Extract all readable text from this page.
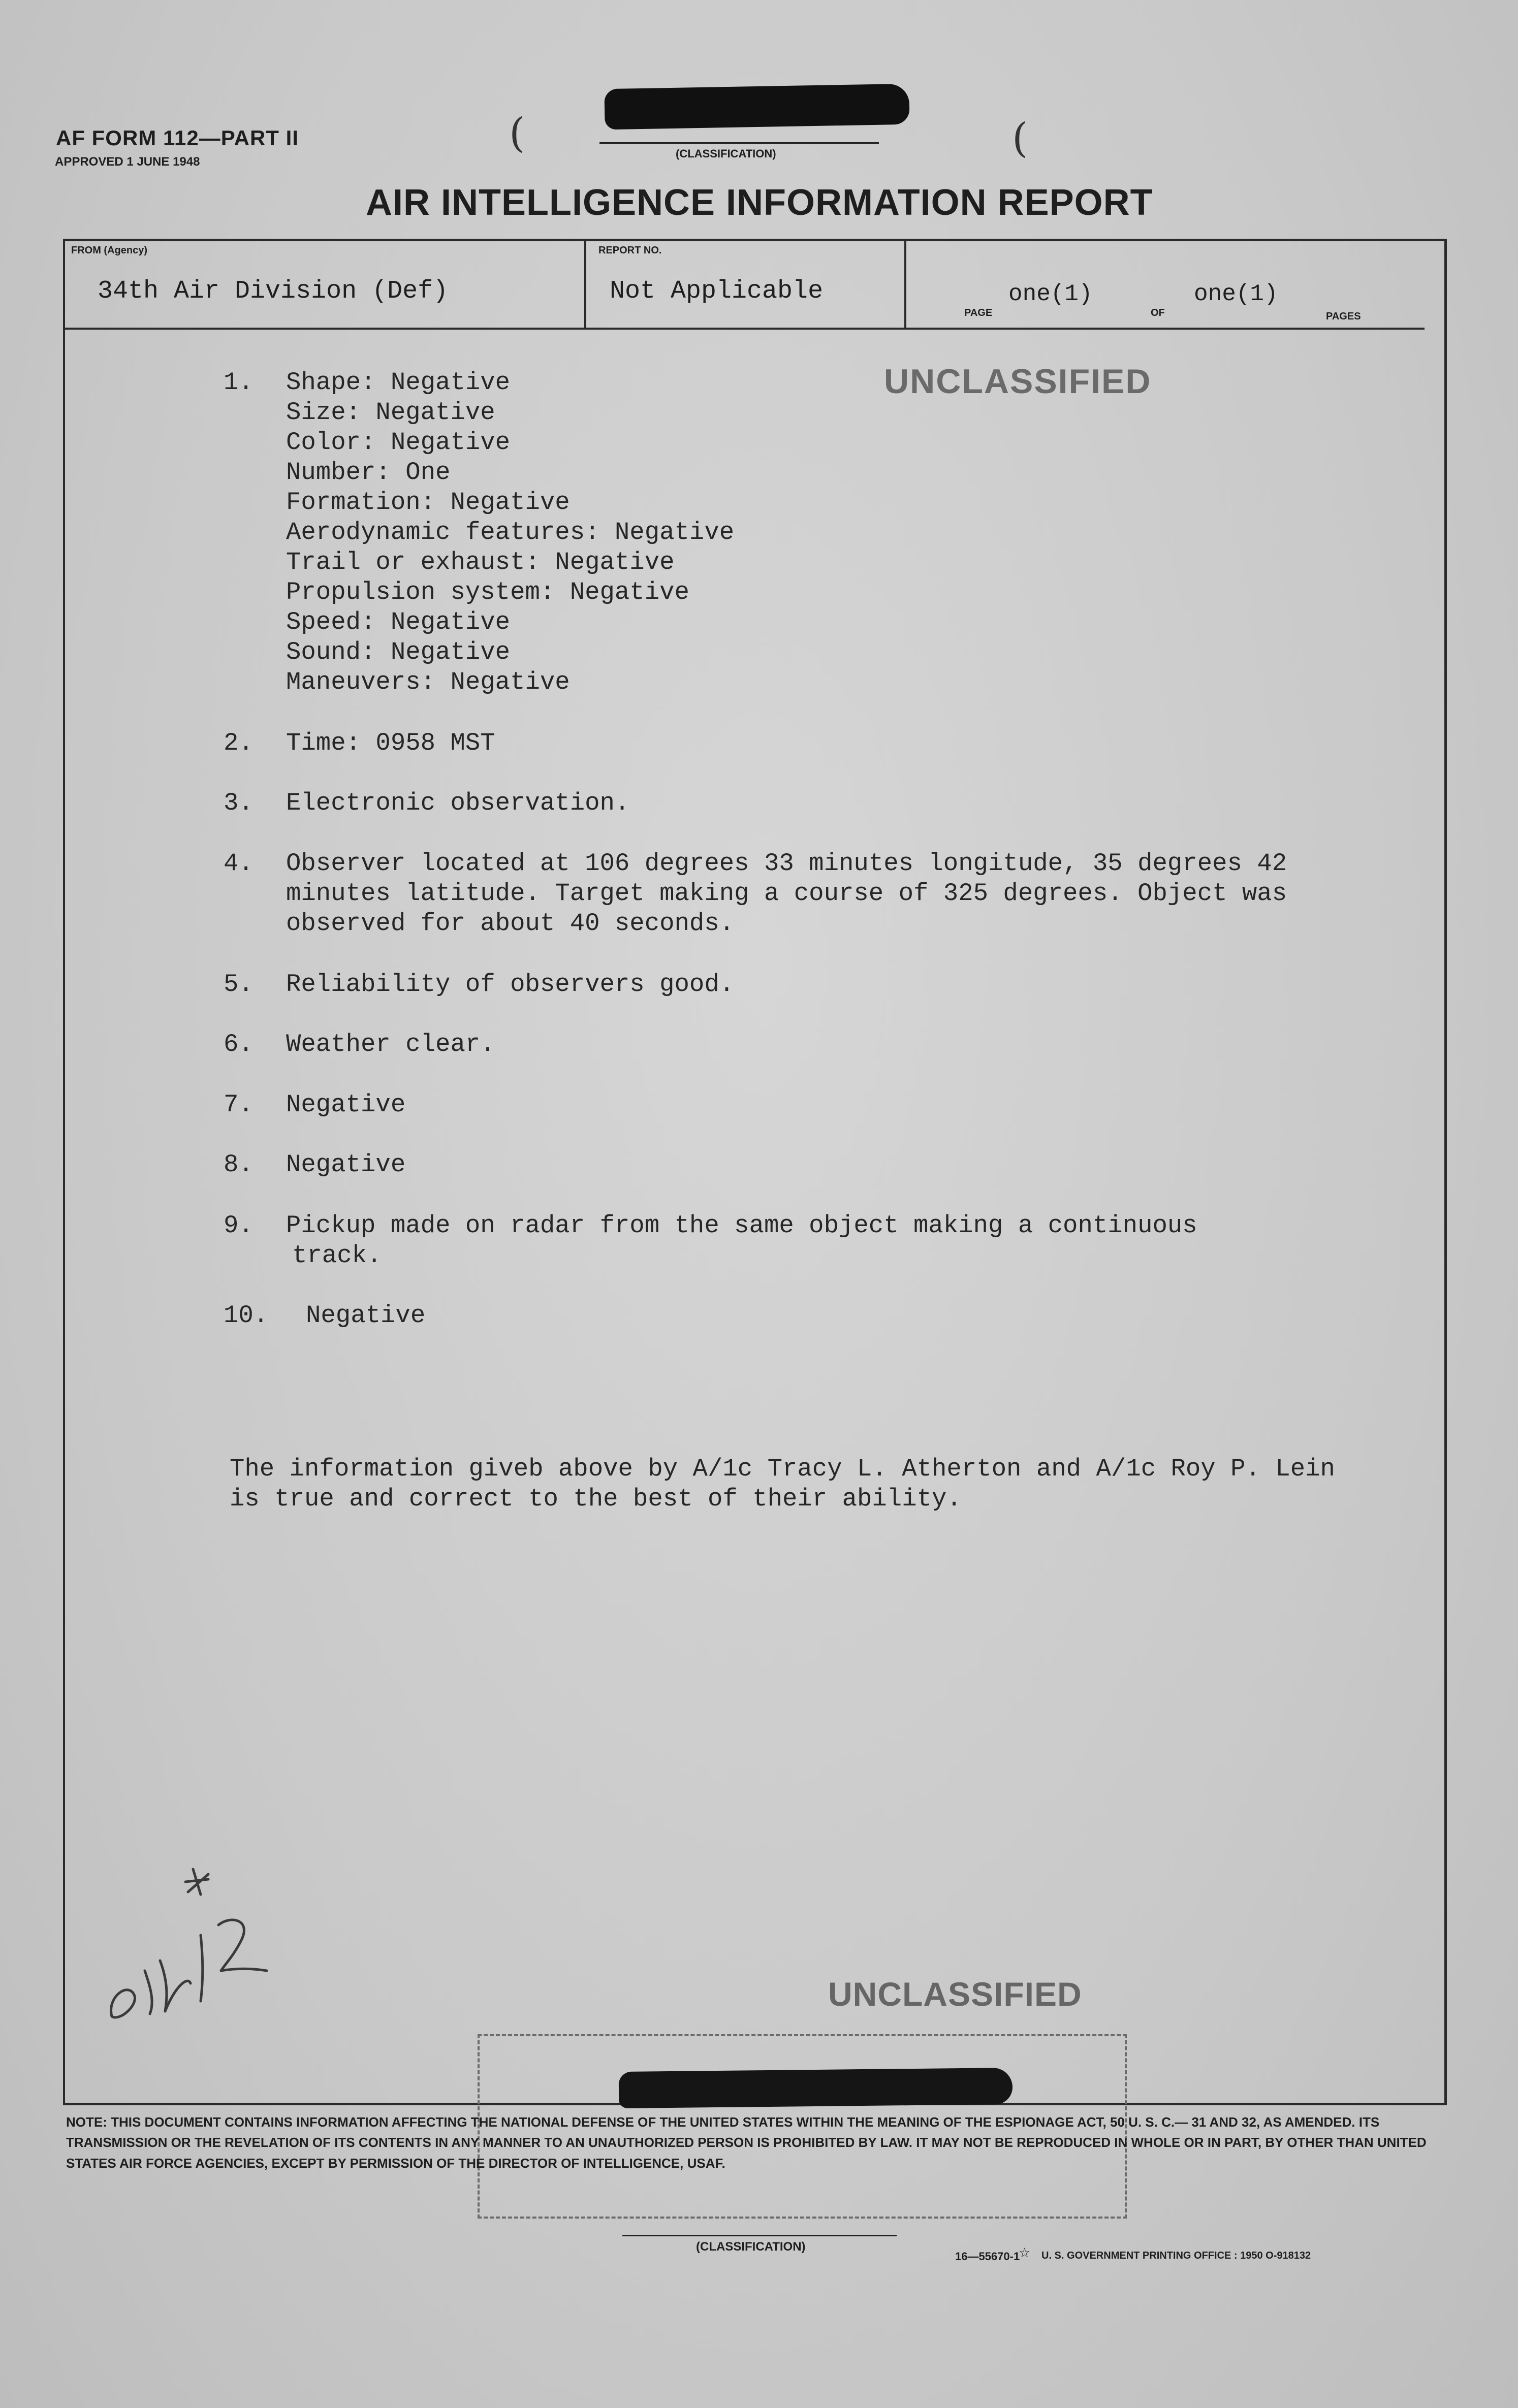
AF FORM 112—PART II
APPROVED 1 JUNE 1948
(CLASSIFICATION)
(	(
AIR INTELLIGENCE INFORMATION REPORT
FROM (Agency)
34th Air Division (Def)
REPORT NO.
Not Applicable	one(1)	one(1)
PAGE	OF	PAGES
UNCLASSIFIED
UNCLASSIFIED
1. Shape: Negative
Size: Negative
Color: Negative
Number: One
Formation: Negative
Aerodynamic features: Negative
Trail or exhaust: Negative
Propulsion system: Negative
Speed: Negative
Sound: Negative
Maneuvers: Negative
2. Time: 0958 MST
3. Electronic observation.
4. Observer located at 106 degrees 33 minutes longitude, 35 degrees 42
minutes latitude. Target making a course of 325 degrees. Object was
observed for about 40 seconds.
5. Reliability of observers good.
6. Weather clear.
7. Negative
8. Negative
9. Pickup made on radar from the same object making a continuous
track.
10. Negative
The information giveb above by A/1c Tracy L. Atherton and A/1c Roy P. Lein
is true and correct to the best of their ability.
NOTE: THIS DOCUMENT CONTAINS INFORMATION AFFECTING THE NATIONAL DEFENSE OF THE UNITED STATES WITHIN THE MEANING OF THE ESPIONAGE ACT, 50 U. S. C.— 31 AND 32, AS AMENDED. ITS TRANSMISSION OR THE REVELATION OF ITS CONTENTS IN ANY MANNER TO AN UNAUTHORIZED PERSON IS PROHIBITED BY LAW. IT MAY NOT BE REPRODUCED IN WHOLE OR IN PART, BY OTHER THAN UNITED STATES AIR FORCE AGENCIES, EXCEPT BY PERMISSION OF THE DIRECTOR OF INTELLIGENCE, USAF.
(CLASSIFICATION)
16—55670-1
☆ U. S. GOVERNMENT PRINTING OFFICE : 1950 O-918132
